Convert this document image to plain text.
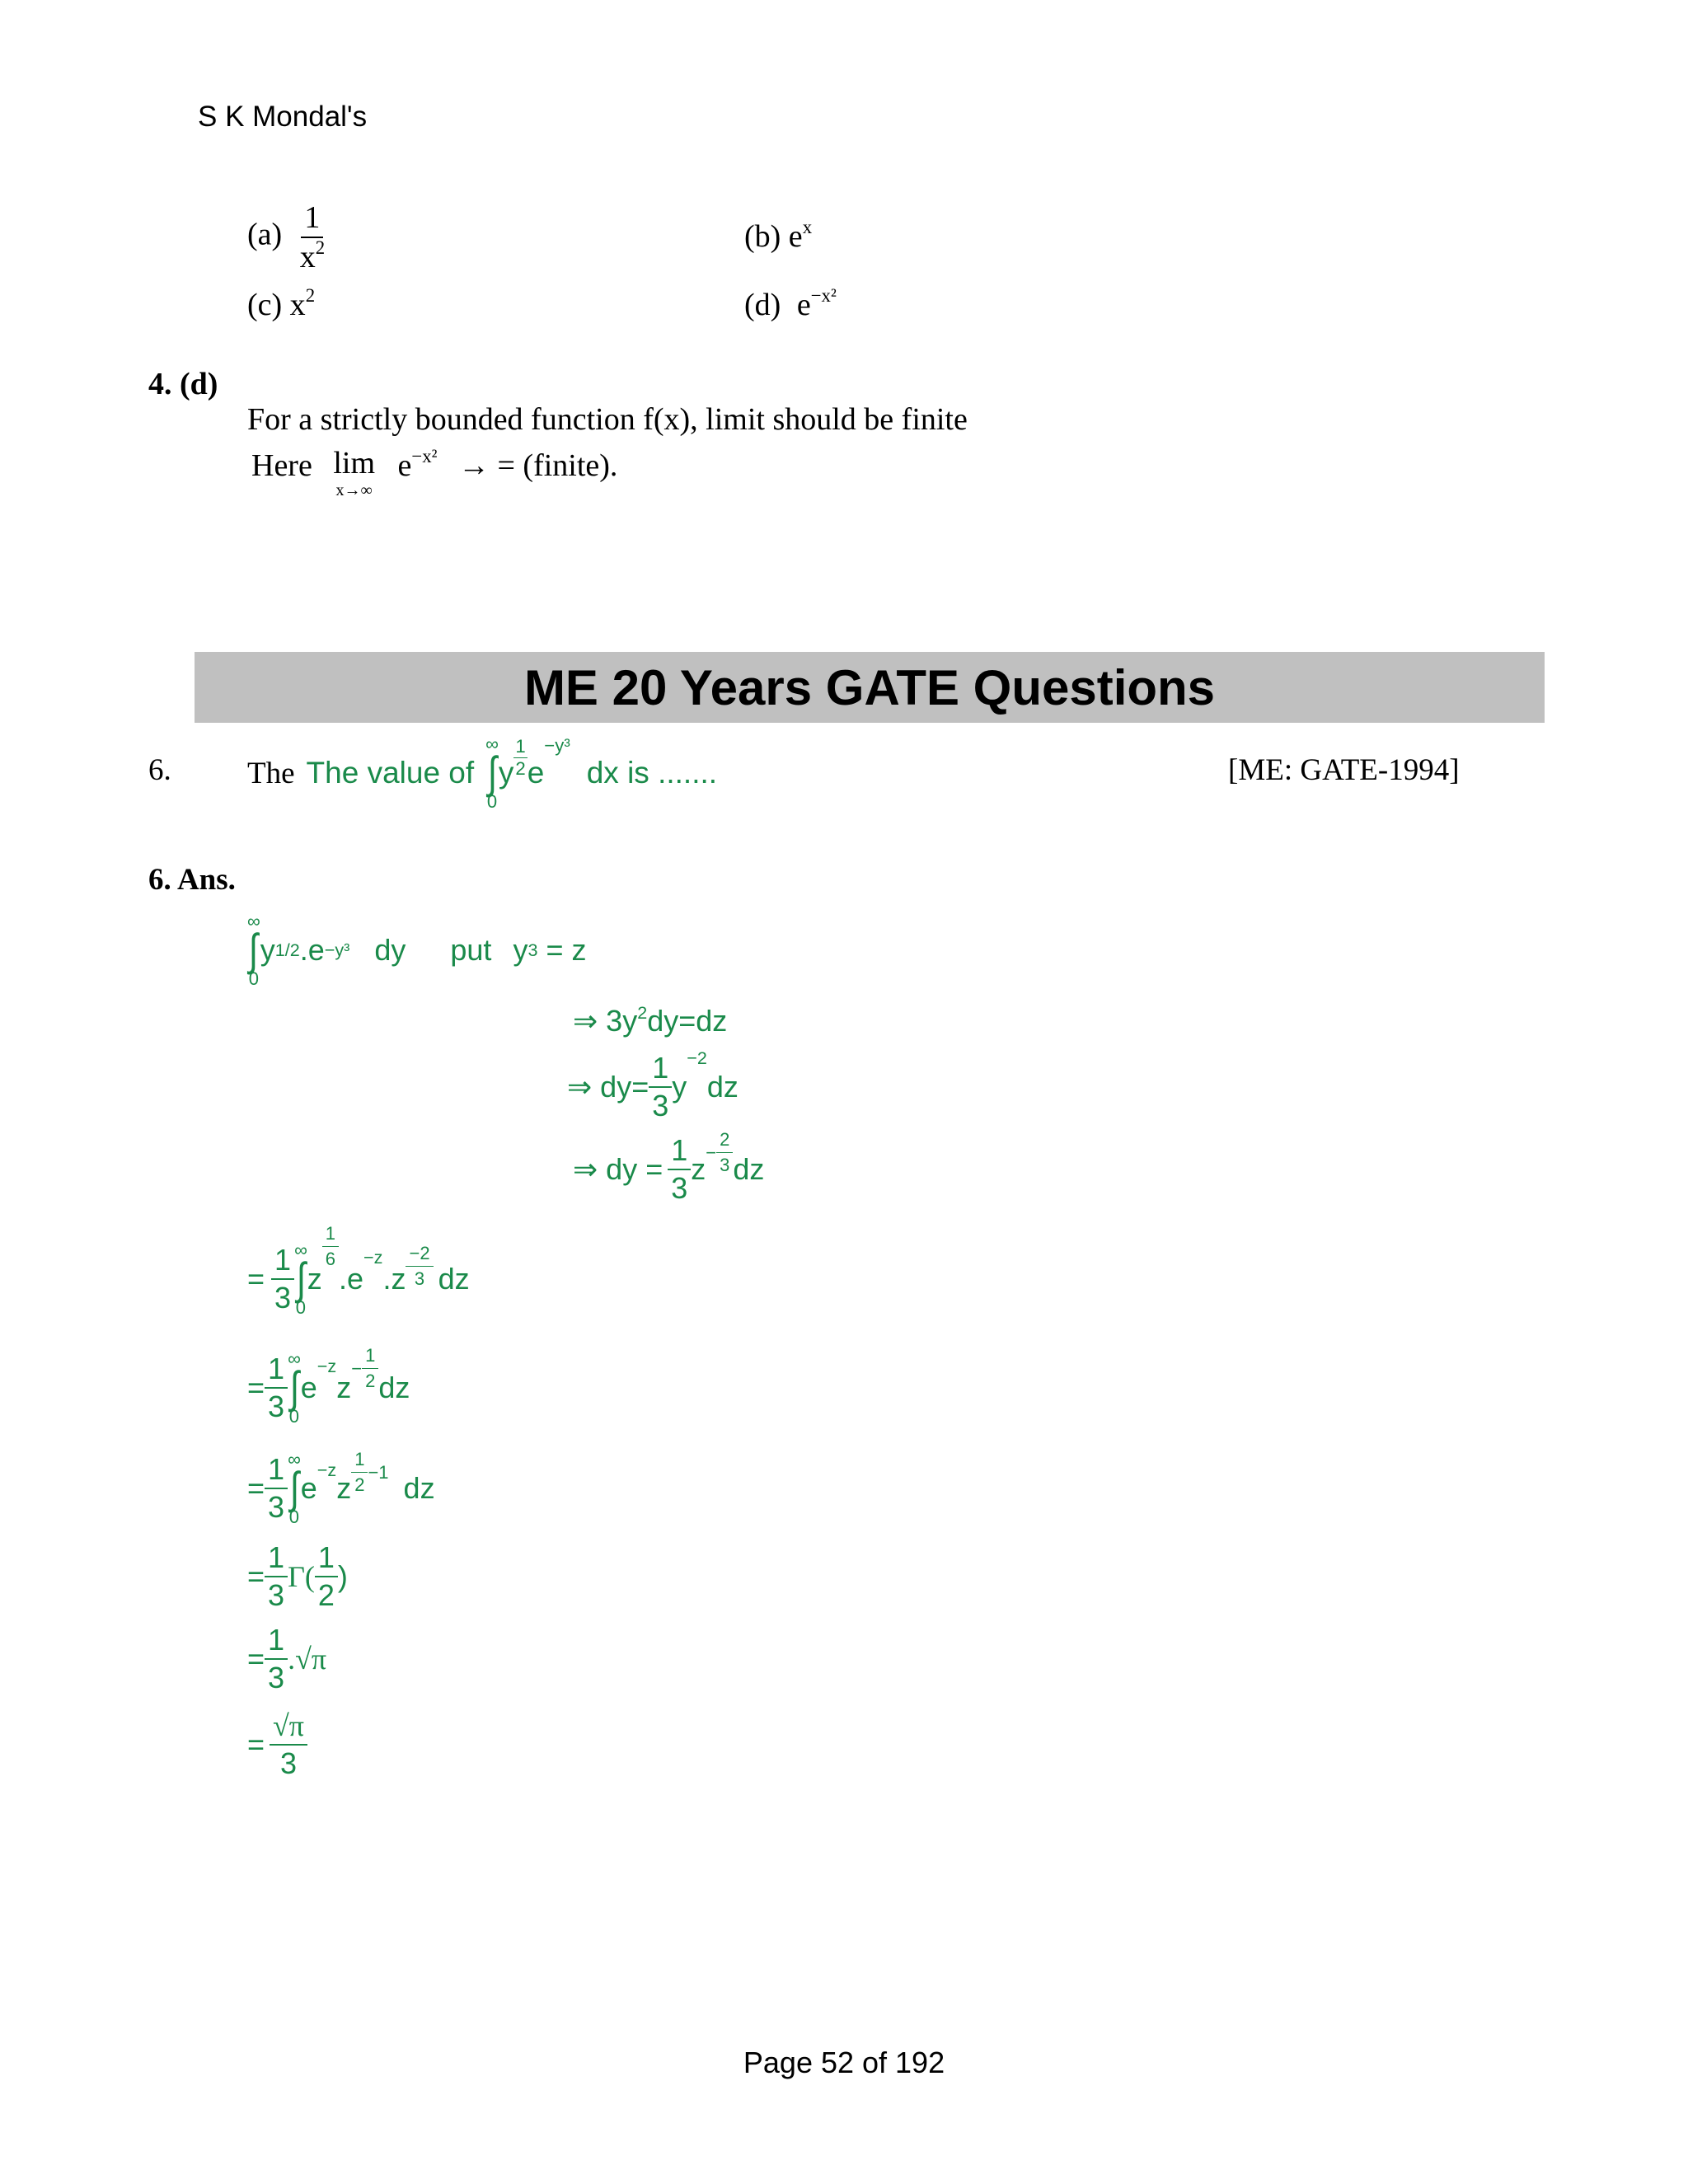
S K Mondal's
$(a) \frac{1}{x^2}$	(b) $e^x$
(c) $x^2$	(d) $e^{-x^2}$
4. (d)
For a strictly bounded function f(x), limit should be finite
Here lim
x→∞
$e^{-x^2}$ → = (finite).
ME 20 Years GATE Questions
6. The The value of
∞
∫
0
y $\frac{1}{2}$ e
−y³
dx is .......	[ME: GATE-1994]
6. Ans.
∞
∫
0
y 1/2 .e −y³ dy put y 3 = z
⇒ $3y^2dy=dz$
⇒ $dy= \frac{1}{3}$ y
−2
dz
⇒ dy = $\frac{1}{3}$ $z - \frac{2}{3}$ dz
= $\frac{1}{3}$ ∞
∫
0
z
$\frac{1}{6}$
.e
−z
$.z \frac{-2}{3}$ dz
= $\frac{1}{3}$ ∞
∫
0
e
−z
z
− $\frac{1}{2}$ dz
= $\frac{1}{3}$ ∞
∫
0
e
−z
z $\frac{1}{2} -1$ dz
= $\frac{1}{3} \Gamma( \frac{1}{2}$ )
= $\frac{1}{3} .√\pi$
= $\frac{√\pi}{3}$
Page 52 of 192
